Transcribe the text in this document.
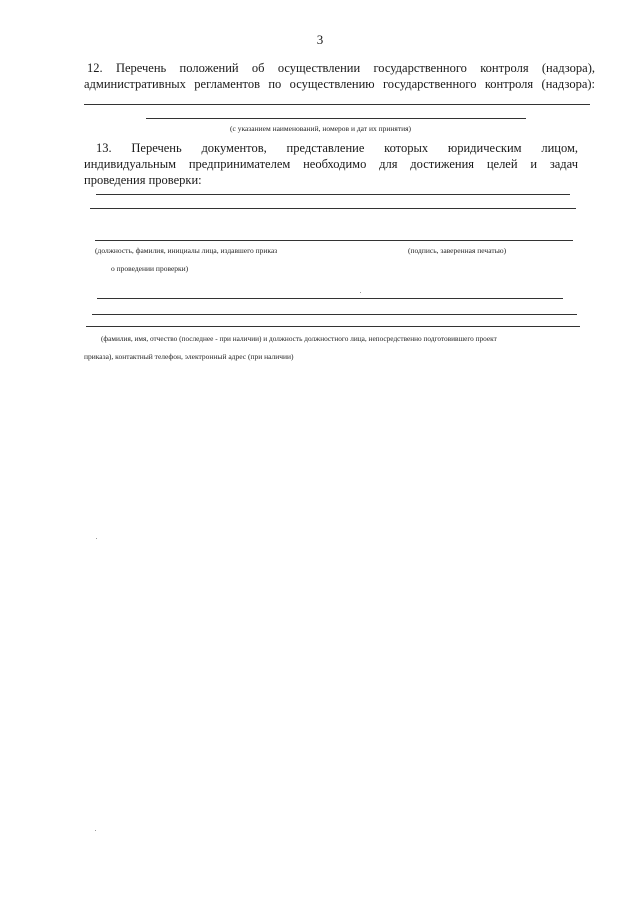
3
12. Перечень положений об осуществлении государственного контроля (надзора),
административных регламентов по осуществлению государственного контроля (надзора):
(с указанием наименований, номеров и дат их принятия)
13. Перечень документов, представление которых юридическим лицом,
индивидуальным предпринимателем необходимо для достижения целей и задач
проведения проверки:
(должность, фамилия, инициалы лица, издавшего приказ	(подпись, заверенная печатью)
о проведении проверки)
(фамилия, имя, отчество (последнее - при наличии) и должность должностного лица, непосредственно подготовившего проект
приказа), контактный телефон, электронный адрес (при наличии)
